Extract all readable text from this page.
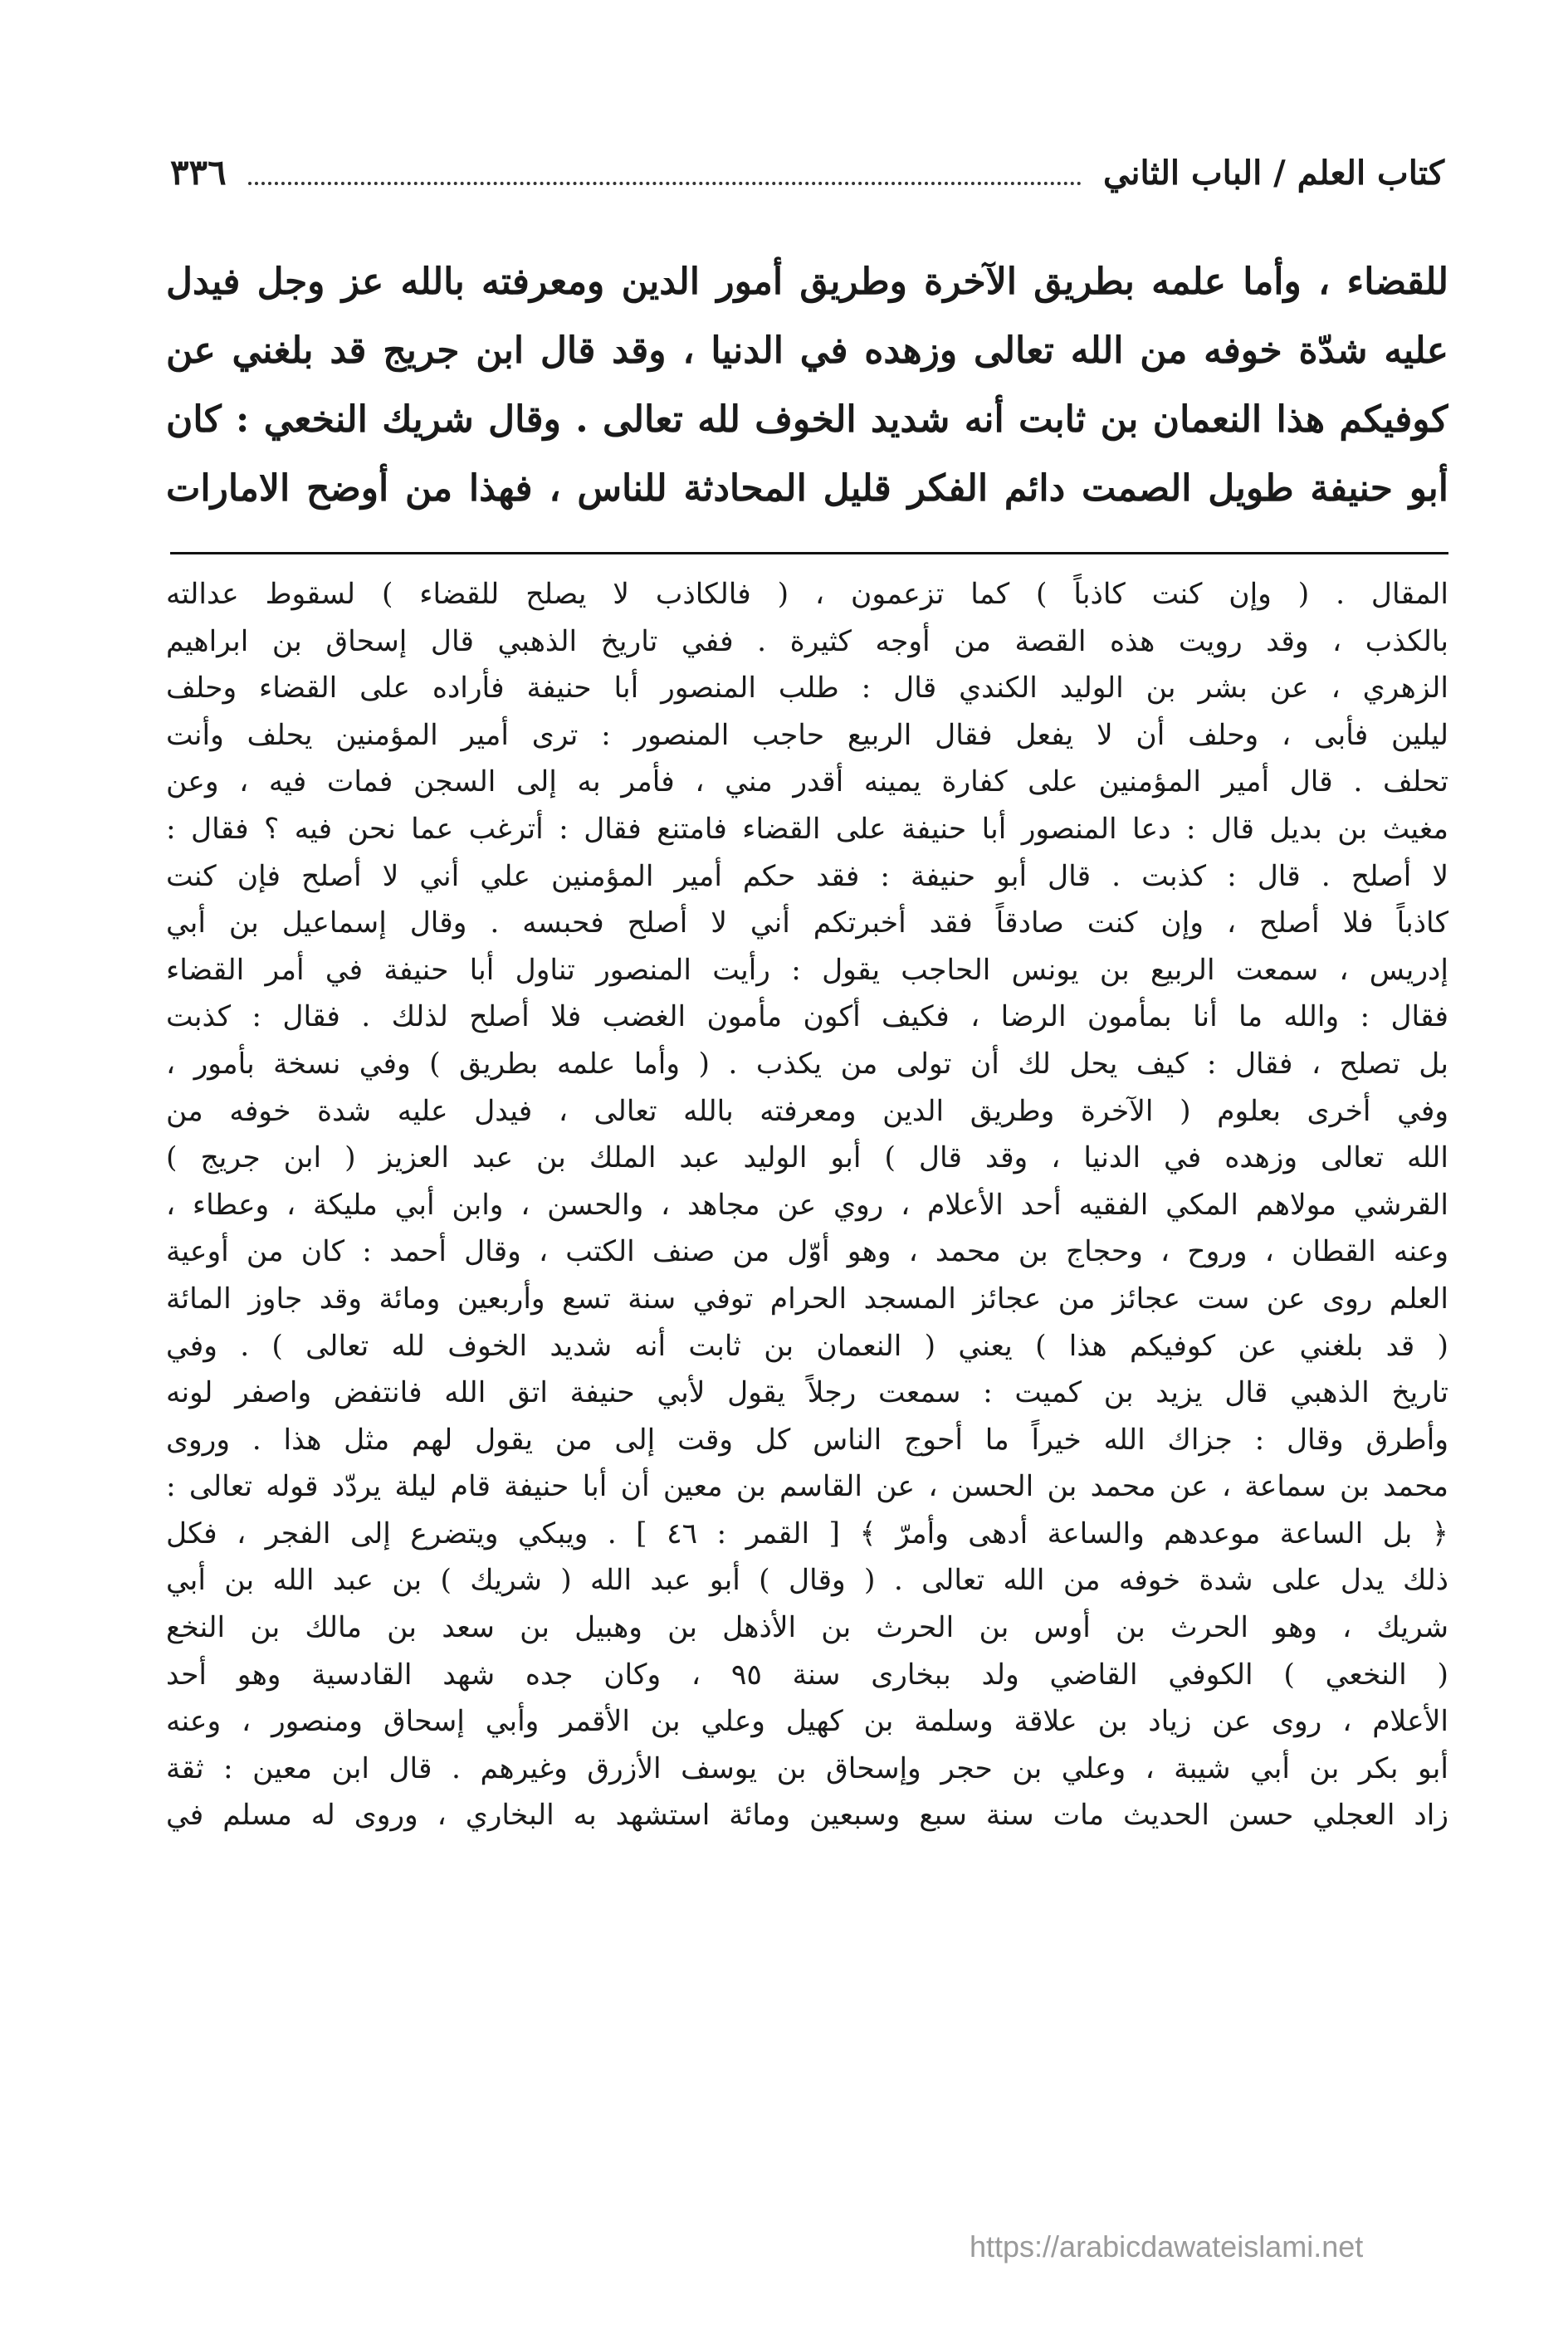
كتاب العلم / الباب الثاني
٣٣٦
للقضاء ، وأما علمه بطريق الآخرة وطريق أمور الدين ومعرفته بالله عز وجل فيدل
عليه شدّة خوفه من الله تعالى وزهده في الدنيا ، وقد قال ابن جريج قد بلغني عن
كوفيكم هذا النعمان بن ثابت أنه شديد الخوف لله تعالى . وقال شريك النخعي : كان
أبو حنيفة طويل الصمت دائم الفكر قليل المحادثة للناس ، فهذا من أوضح الامارات
المقال . ( وإن كنت كاذباً ) كما تزعمون ، ( فالكاذب لا يصلح للقضاء ) لسقوط عدالته
بالكذب ، وقد رويت هذه القصة من أوجه كثيرة . ففي تاريخ الذهبي قال إسحاق بن ابراهيم
الزهري ، عن بشر بن الوليد الكندي قال : طلب المنصور أبا حنيفة فأراده على القضاء وحلف
ليلين فأبى ، وحلف أن لا يفعل فقال الربيع حاجب المنصور : ترى أمير المؤمنين يحلف وأنت
تحلف . قال أمير المؤمنين على كفارة يمينه أقدر مني ، فأمر به إلى السجن فمات فيه ، وعن
مغيث بن بديل قال : دعا المنصور أبا حنيفة على القضاء فامتنع فقال : أترغب عما نحن فيه ؟ فقال :
لا أصلح . قال : كذبت . قال أبو حنيفة : فقد حكم أمير المؤمنين علي أني لا أصلح فإن كنت
كاذباً فلا أصلح ، وإن كنت صادقاً فقد أخبرتكم أني لا أصلح فحبسه . وقال إسماعيل بن أبي
إدريس ، سمعت الربيع بن يونس الحاجب يقول : رأيت المنصور تناول أبا حنيفة في أمر القضاء
فقال : والله ما أنا بمأمون الرضا ، فكيف أكون مأمون الغضب فلا أصلح لذلك . فقال : كذبت
بل تصلح ، فقال : كيف يحل لك أن تولى من يكذب . ( وأما علمه بطريق ) وفي نسخة بأمور ،
وفي أخرى بعلوم ( الآخرة وطريق الدين ومعرفته بالله تعالى ، فيدل عليه شدة خوفه من
الله تعالى وزهده في الدنيا ، وقد قال ) أبو الوليد عبد الملك بن عبد العزيز ( ابن جريج )
القرشي مولاهم المكي الفقيه أحد الأعلام ، روي عن مجاهد ، والحسن ، وابن أبي مليكة ، وعطاء ،
وعنه القطان ، وروح ، وحجاج بن محمد ، وهو أوّل من صنف الكتب ، وقال أحمد : كان من أوعية
العلم روى عن ست عجائز من عجائز المسجد الحرام توفي سنة تسع وأربعين ومائة وقد جاوز المائة
( قد بلغني عن كوفيكم هذا ) يعني ( النعمان بن ثابت أنه شديد الخوف لله تعالى ) . وفي
تاريخ الذهبي قال يزيد بن كميت : سمعت رجلاً يقول لأبي حنيفة اتق الله فانتفض واصفر لونه
وأطرق وقال : جزاك الله خيراً ما أحوج الناس كل وقت إلى من يقول لهم مثل هذا . وروى
محمد بن سماعة ، عن محمد بن الحسن ، عن القاسم بن معين أن أبا حنيفة قام ليلة يردّد قوله تعالى :
﴿ بل الساعة موعدهم والساعة أدهى وأمرّ ﴾ [ القمر : ٤٦ ] . ويبكي ويتضرع إلى الفجر ، فكل
ذلك يدل على شدة خوفه من الله تعالى . ( وقال ) أبو عبد الله ( شريك ) بن عبد الله بن أبي
شريك ، وهو الحرث بن أوس بن الحرث بن الأذهل بن وهبيل بن سعد بن مالك بن النخع
( النخعي ) الكوفي القاضي ولد ببخارى سنة ٩٥ ، وكان جده شهد القادسية وهو أحد
الأعلام ، روى عن زياد بن علاقة وسلمة بن كهيل وعلي بن الأقمر وأبي إسحاق ومنصور ، وعنه
أبو بكر بن أبي شيبة ، وعلي بن حجر وإسحاق بن يوسف الأزرق وغيرهم . قال ابن معين : ثقة
زاد العجلي حسن الحديث مات سنة سبع وسبعين ومائة استشهد به البخاري ، وروى له مسلم في
https://arabicdawateislami.net
